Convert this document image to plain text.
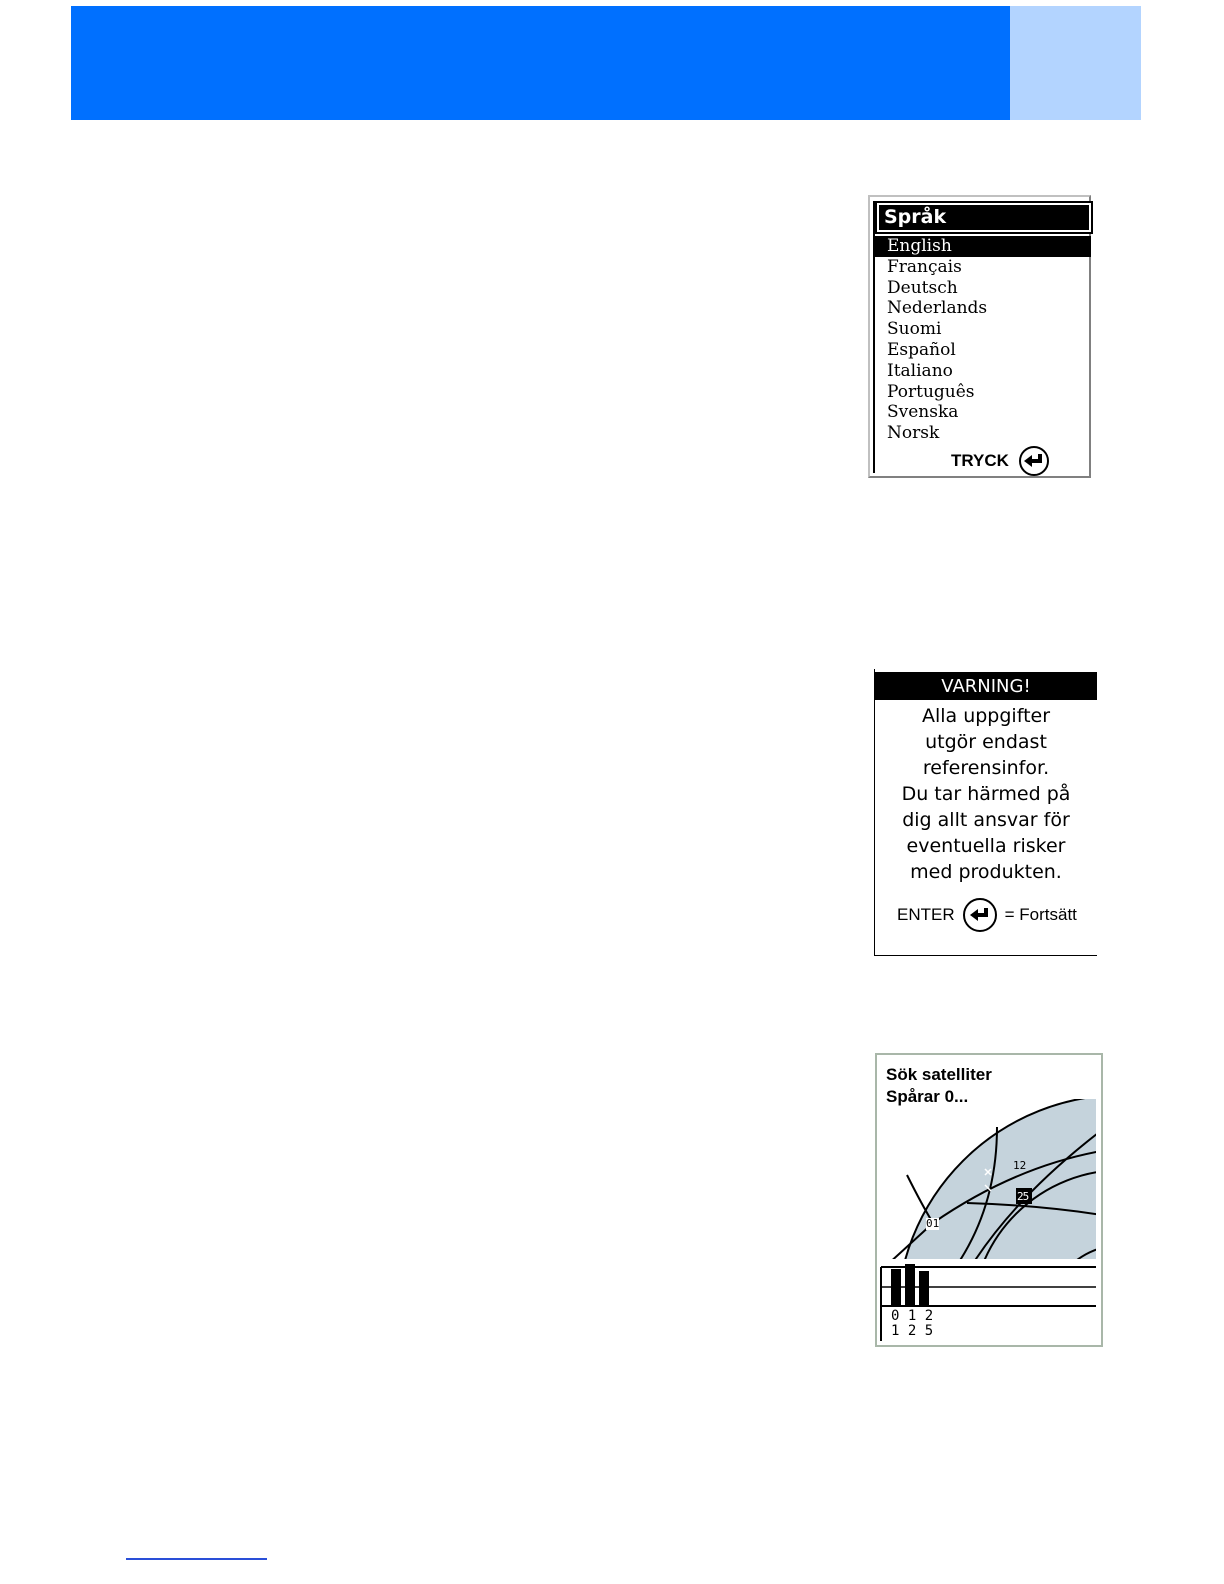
Språk
English
Français
Deutsch
Nederlands
Suomi
Español
Italiano
Português
Svenska
Norsk
TRYCK
VARNING!
Alla uppgifter
utgör endast
referensinfor.
Du tar härmed på
dig allt ansvar för
eventuella risker
med produkten.
ENTER	= Fortsätt
Sök satelliter
Spårar 0...
12
25
01
0 1 2
1 2 5
